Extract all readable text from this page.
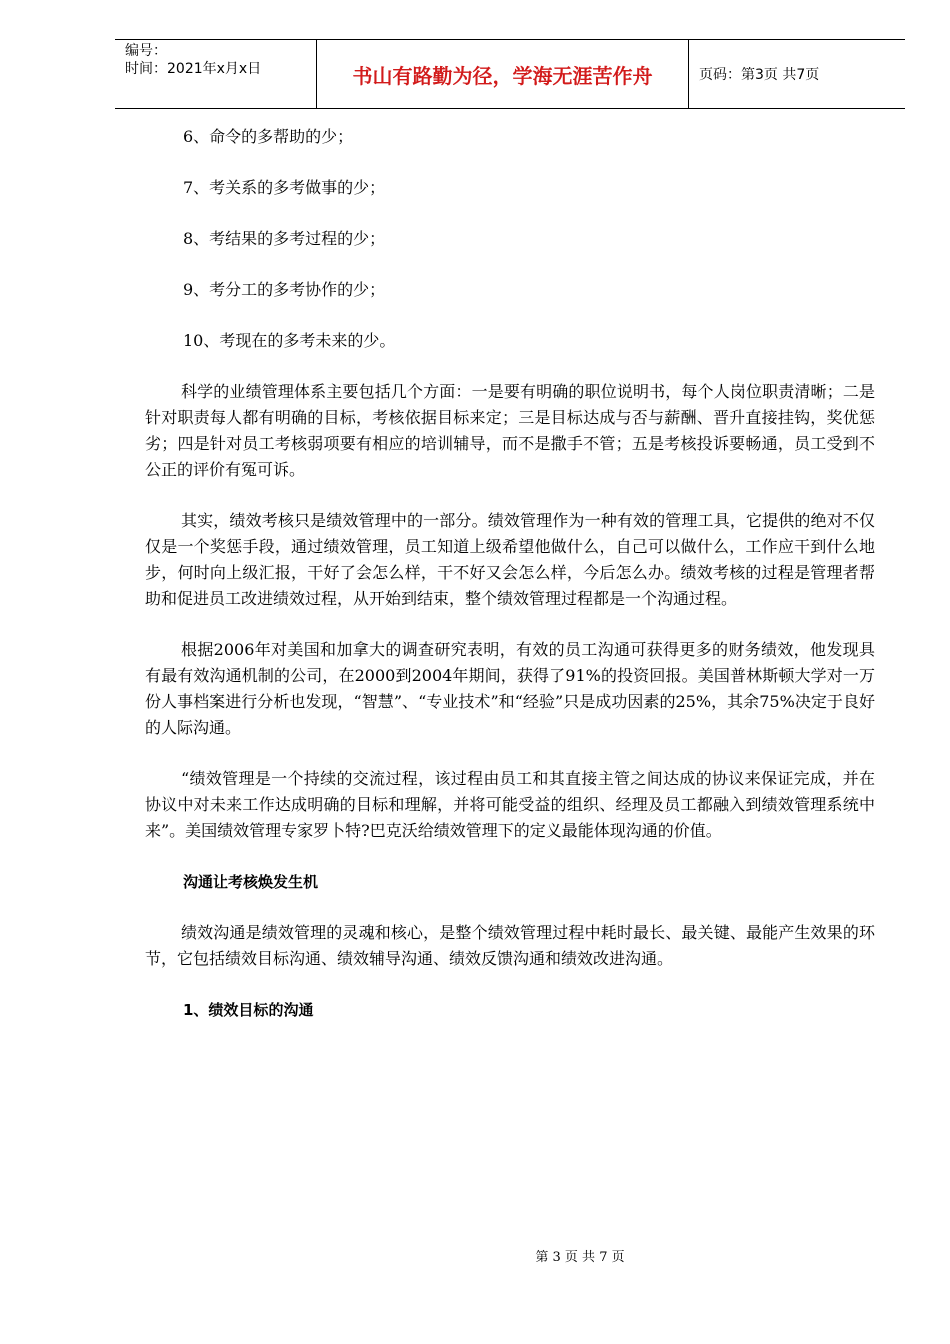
编号：
时间：2021年x月x日	书山有路勤为径，学海无涯苦作舟	页码：第3页 共7页
6、命令的多帮助的少；
7、考关系的多考做事的少；
8、考结果的多考过程的少；
9、考分工的多考协作的少；
10、考现在的多考未来的少。

科学的业绩管理体系主要包括几个方面：一是要有明确的职位说明书，每个人岗位职责清晰；二是针对职责每人都有明确的目标，考核依据目标来定；三是目标达成与否与薪酬、晋升直接挂钩，奖优惩劣；四是针对员工考核弱项要有相应的培训辅导，而不是撒手不管；五是考核投诉要畅通，员工受到不公正的评价有冤可诉。

其实，绩效考核只是绩效管理中的一部分。绩效管理作为一种有效的管理工具，它提供的绝对不仅仅是一个奖惩手段，通过绩效管理，员工知道上级希望他做什么，自己可以做什么，工作应干到什么地步，何时向上级汇报，干好了会怎么样，干不好又会怎么样，今后怎么办。绩效考核的过程是管理者帮助和促进员工改进绩效过程，从开始到结束，整个绩效管理过程都是一个沟通过程。

根据2006年对美国和加拿大的调查研究表明，有效的员工沟通可获得更多的财务绩效，他发现具有最有效沟通机制的公司，在2000到2004年期间，获得了91%的投资回报。美国普林斯顿大学对一万份人事档案进行分析也发现，“智慧”、“专业技术”和“经验”只是成功因素的25%，其余75%决定于良好的人际沟通。

“绩效管理是一个持续的交流过程，该过程由员工和其直接主管之间达成的协议来保证完成，并在协议中对未来工作达成明确的目标和理解，并将可能受益的组织、经理及员工都融入到绩效管理系统中来”。美国绩效管理专家罗卜特?巴克沃给绩效管理下的定义最能体现沟通的价值。

沟通让考核焕发生机

绩效沟通是绩效管理的灵魂和核心，是整个绩效管理过程中耗时最长、最关键、最能产生效果的环节，它包括绩效目标沟通、绩效辅导沟通、绩效反馈沟通和绩效改进沟通。

1、绩效目标的沟通
第 3 页 共 7 页
